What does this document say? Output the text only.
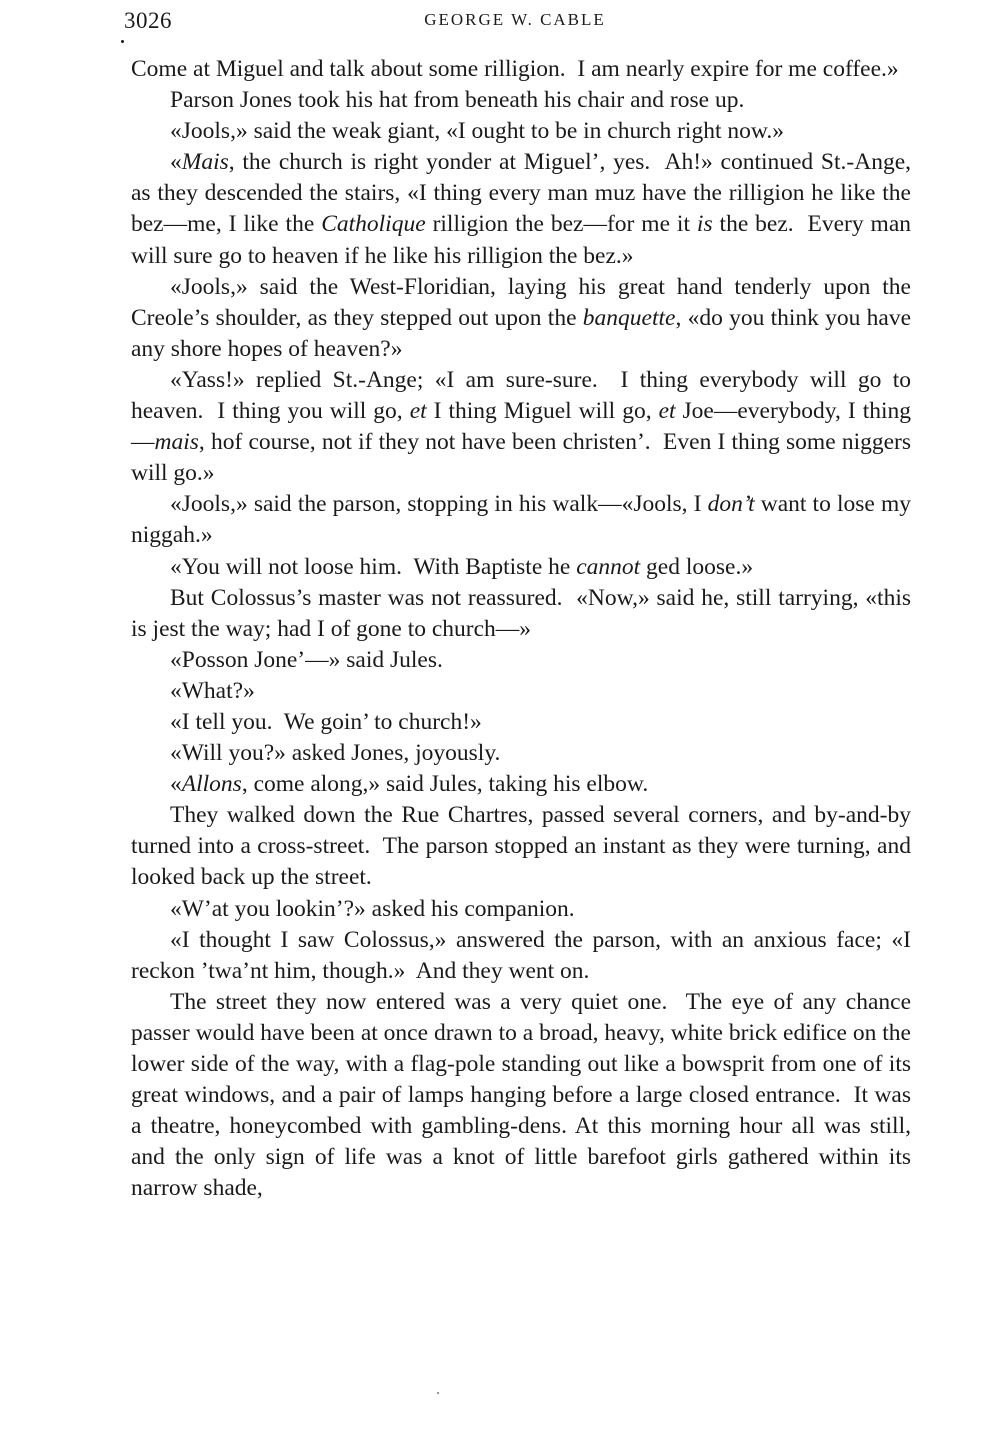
3026	GEORGE W. CABLE

Come at Miguel and talk about some rilligion.  I am nearly expire for me coffee.»

Parson Jones took his hat from beneath his chair and rose up.

«Jools,» said the weak giant, «I ought to be in church right now.»

«Mais, the church is right yonder at Miguel’, yes.  Ah!» continued St.-Ange, as they descended the stairs, «I thing every man muz have the rilligion he like the bez—me, I like the Catholique rilligion the bez—for me it is the bez.  Every man will sure go to heaven if he like his rilligion the bez.»

«Jools,» said the West-Floridian, laying his great hand tenderly upon the Creole’s shoulder, as they stepped out upon the banquette, «do you think you have any shore hopes of heaven?»

«Yass!» replied St.-Ange; «I am sure-sure.  I thing everybody will go to heaven.  I thing you will go, et I thing Miguel will go, et Joe—everybody, I thing—mais, hof course, not if they not have been christen’.  Even I thing some niggers will go.»

«Jools,» said the parson, stopping in his walk—«Jools, I don’t want to lose my niggah.»

«You will not loose him.  With Baptiste he cannot ged loose.»

But Colossus’s master was not reassured.  «Now,» said he, still tarrying, «this is jest the way; had I of gone to church—»

«Posson Jone’—» said Jules.

«What?»

«I tell you.  We goin’ to church!»

«Will you?» asked Jones, joyously.

«Allons, come along,» said Jules, taking his elbow.

They walked down the Rue Chartres, passed several corners, and by-and-by turned into a cross-street.  The parson stopped an instant as they were turning, and looked back up the street.

«W’at you lookin’?» asked his companion.

«I thought I saw Colossus,» answered the parson, with an anxious face; «I reckon ’twa’nt him, though.»  And they went on.

The street they now entered was a very quiet one.  The eye of any chance passer would have been at once drawn to a broad, heavy, white brick edifice on the lower side of the way, with a flag-pole standing out like a bowsprit from one of its great windows, and a pair of lamps hanging before a large closed entrance.  It was a theatre, honeycombed with gambling-dens. At this morning hour all was still, and the only sign of life was a knot of little barefoot girls gathered within its narrow shade,
